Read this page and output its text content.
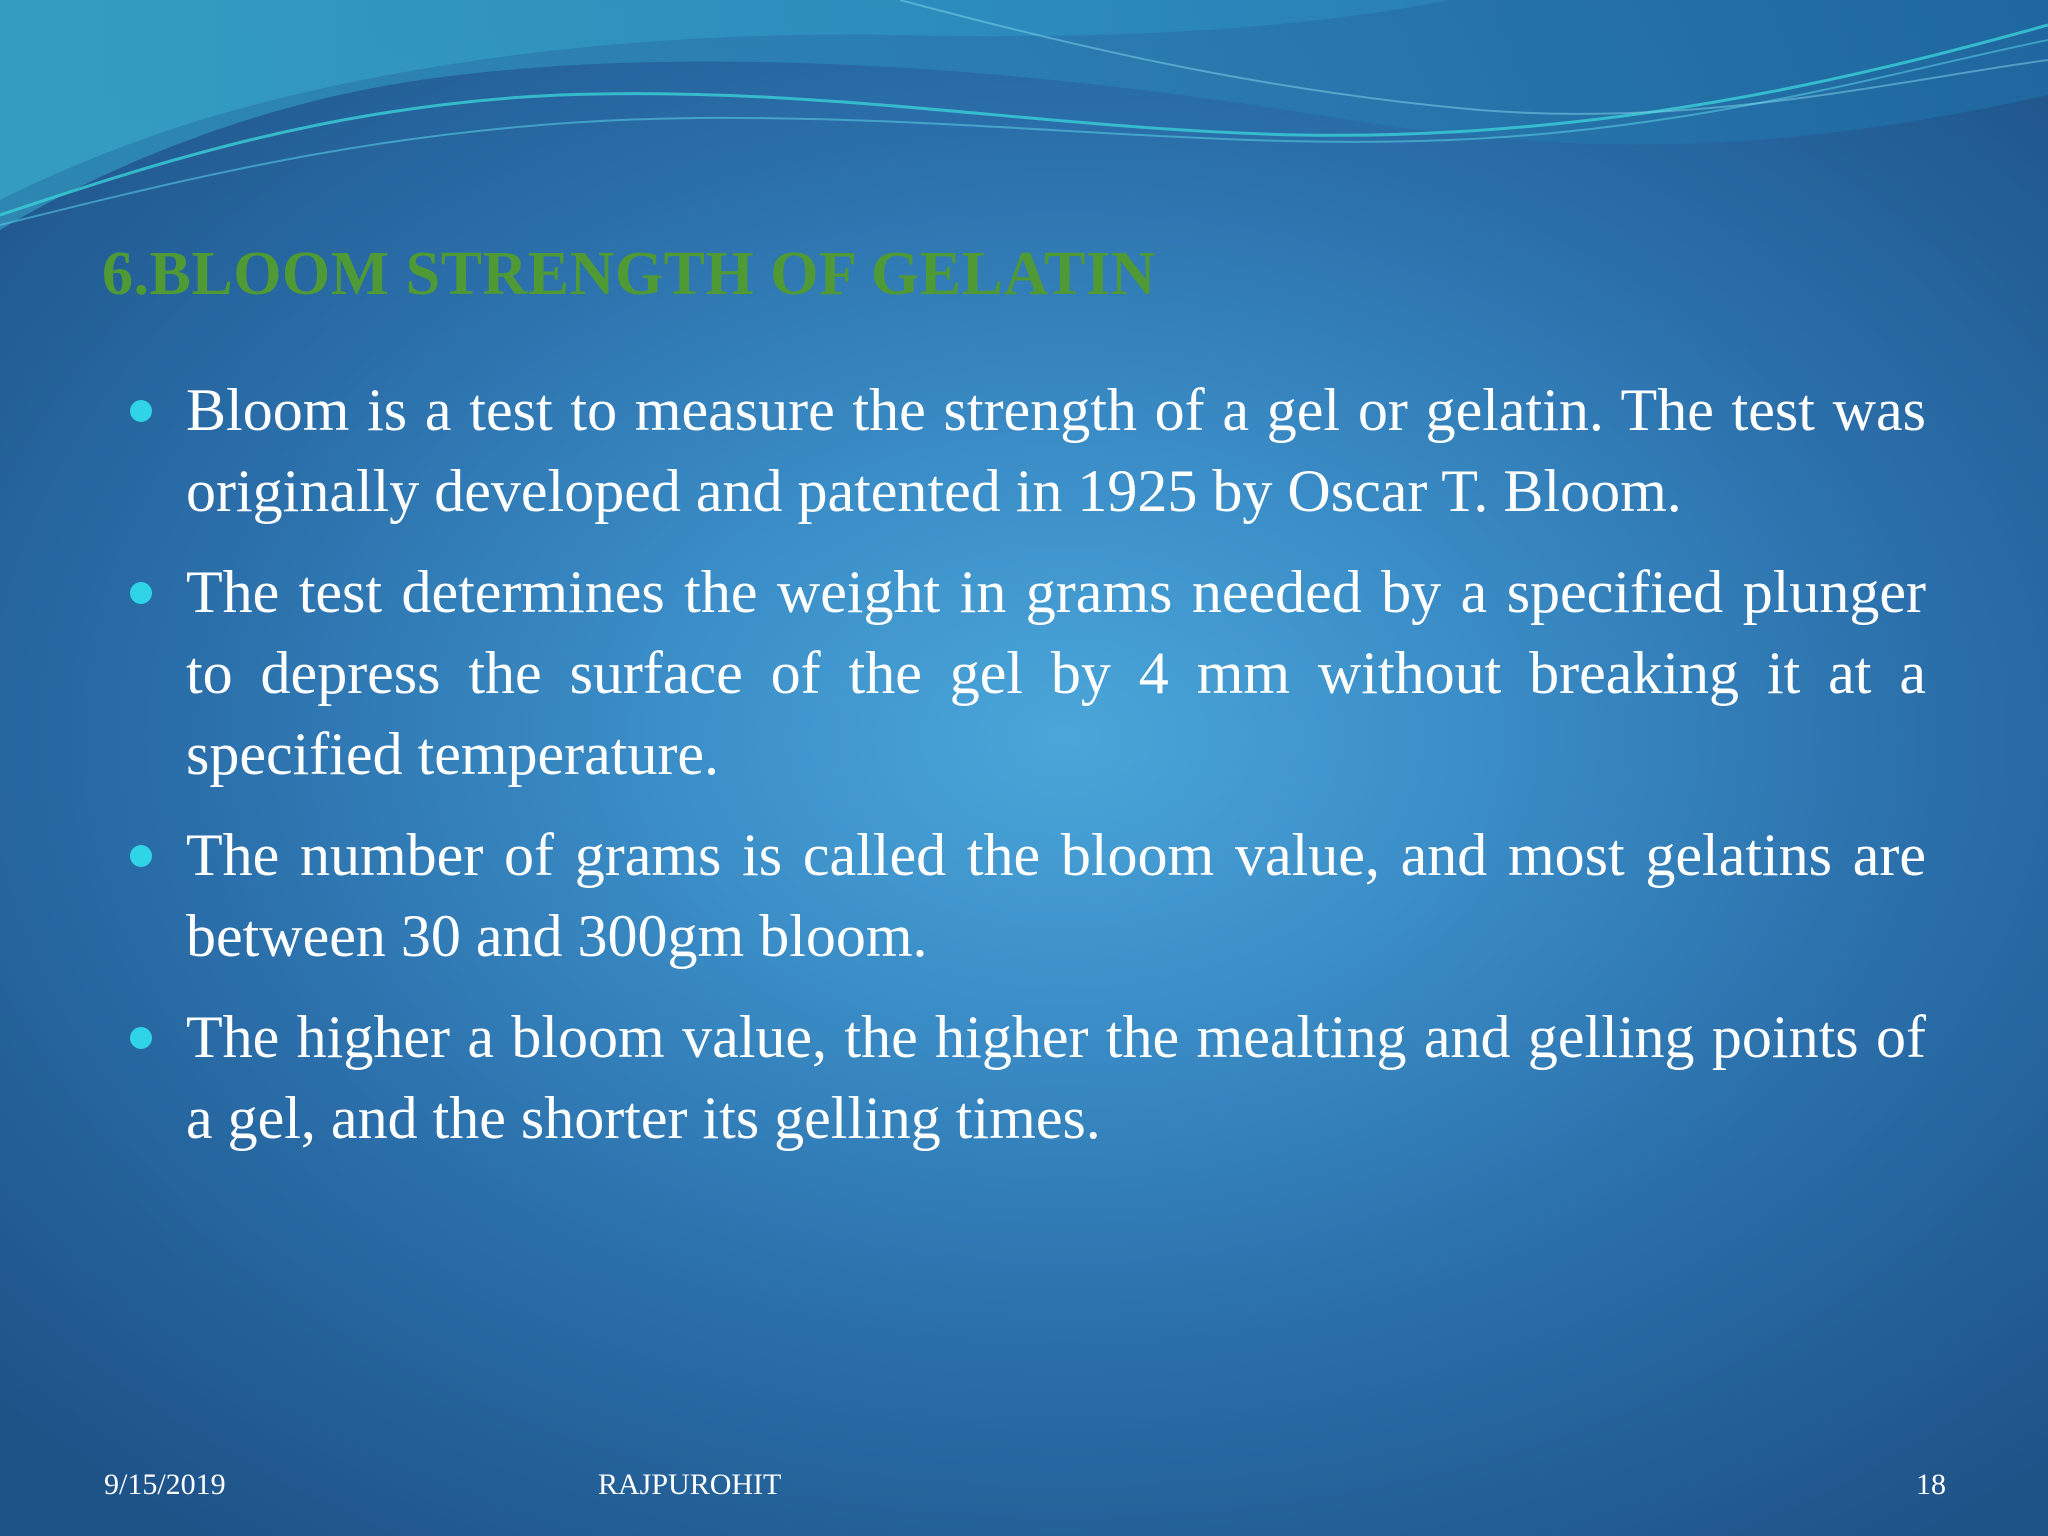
6.BLOOM STRENGTH OF GELATIN
Bloom is a test to measure the strength of a gel or gelatin. The test was originally developed and patented in 1925 by Oscar T. Bloom.
The test determines the weight in grams needed by a specified plunger to depress the surface of the gel by 4 mm without breaking it at a specified temperature.
The number of grams is called the bloom value, and most gelatins are between 30 and 300gm bloom.
The higher a bloom value, the higher the mealting and gelling points of a gel, and the shorter its gelling times.
9/15/2019	RAJPUROHIT	18
